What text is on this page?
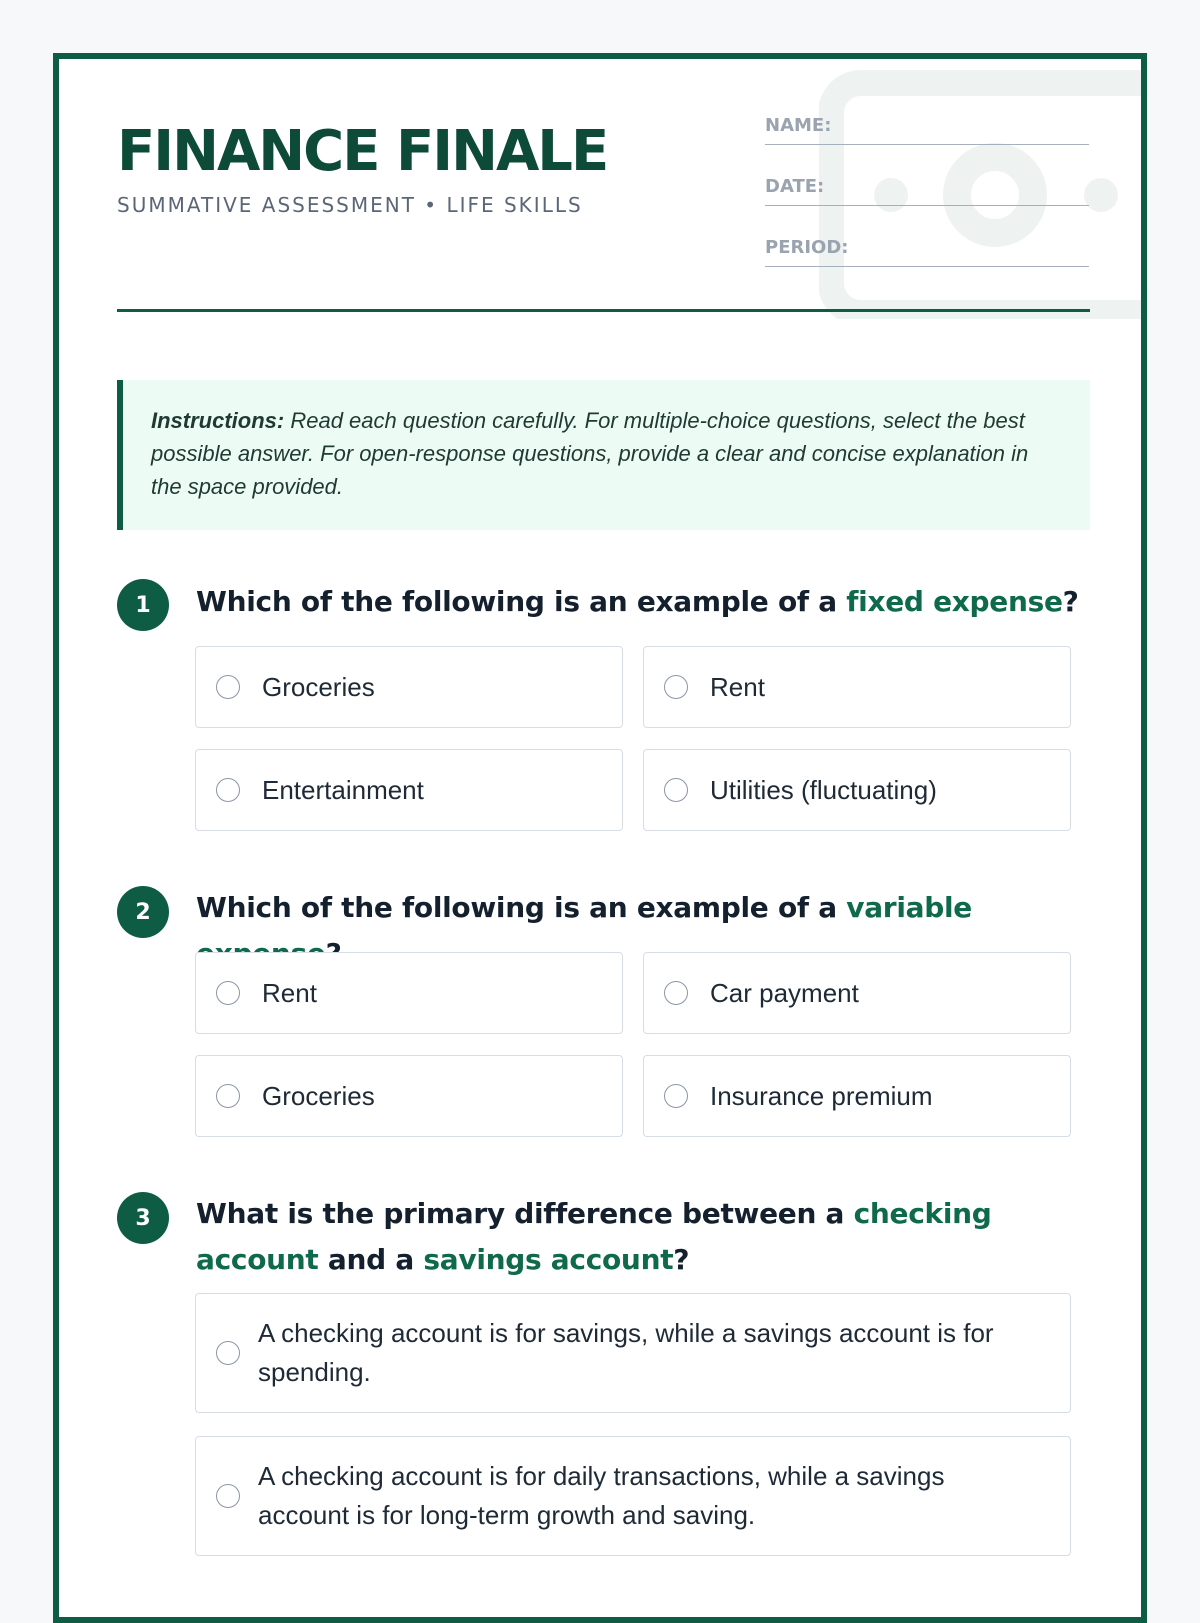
FINANCE FINALE
SUMMATIVE ASSESSMENT • LIFE SKILLS
NAME:
DATE:
PERIOD:
Instructions: Read each question carefully. For multiple-choice questions, select the best possible answer. For open-response questions, provide a clear and concise explanation in the space provided.
1	Which of the following is an example of a fixed expense?
Groceries	Rent
Entertainment	Utilities (fluctuating)
2	Which of the following is an example of a variable
Rent	Car payment
Groceries	Insurance premium
3	What is the primary difference between a checking account and a savings account?
A checking account is for savings, while a savings account is for spending.
A checking account is for daily transactions, while a savings account is for long-term growth and saving.
